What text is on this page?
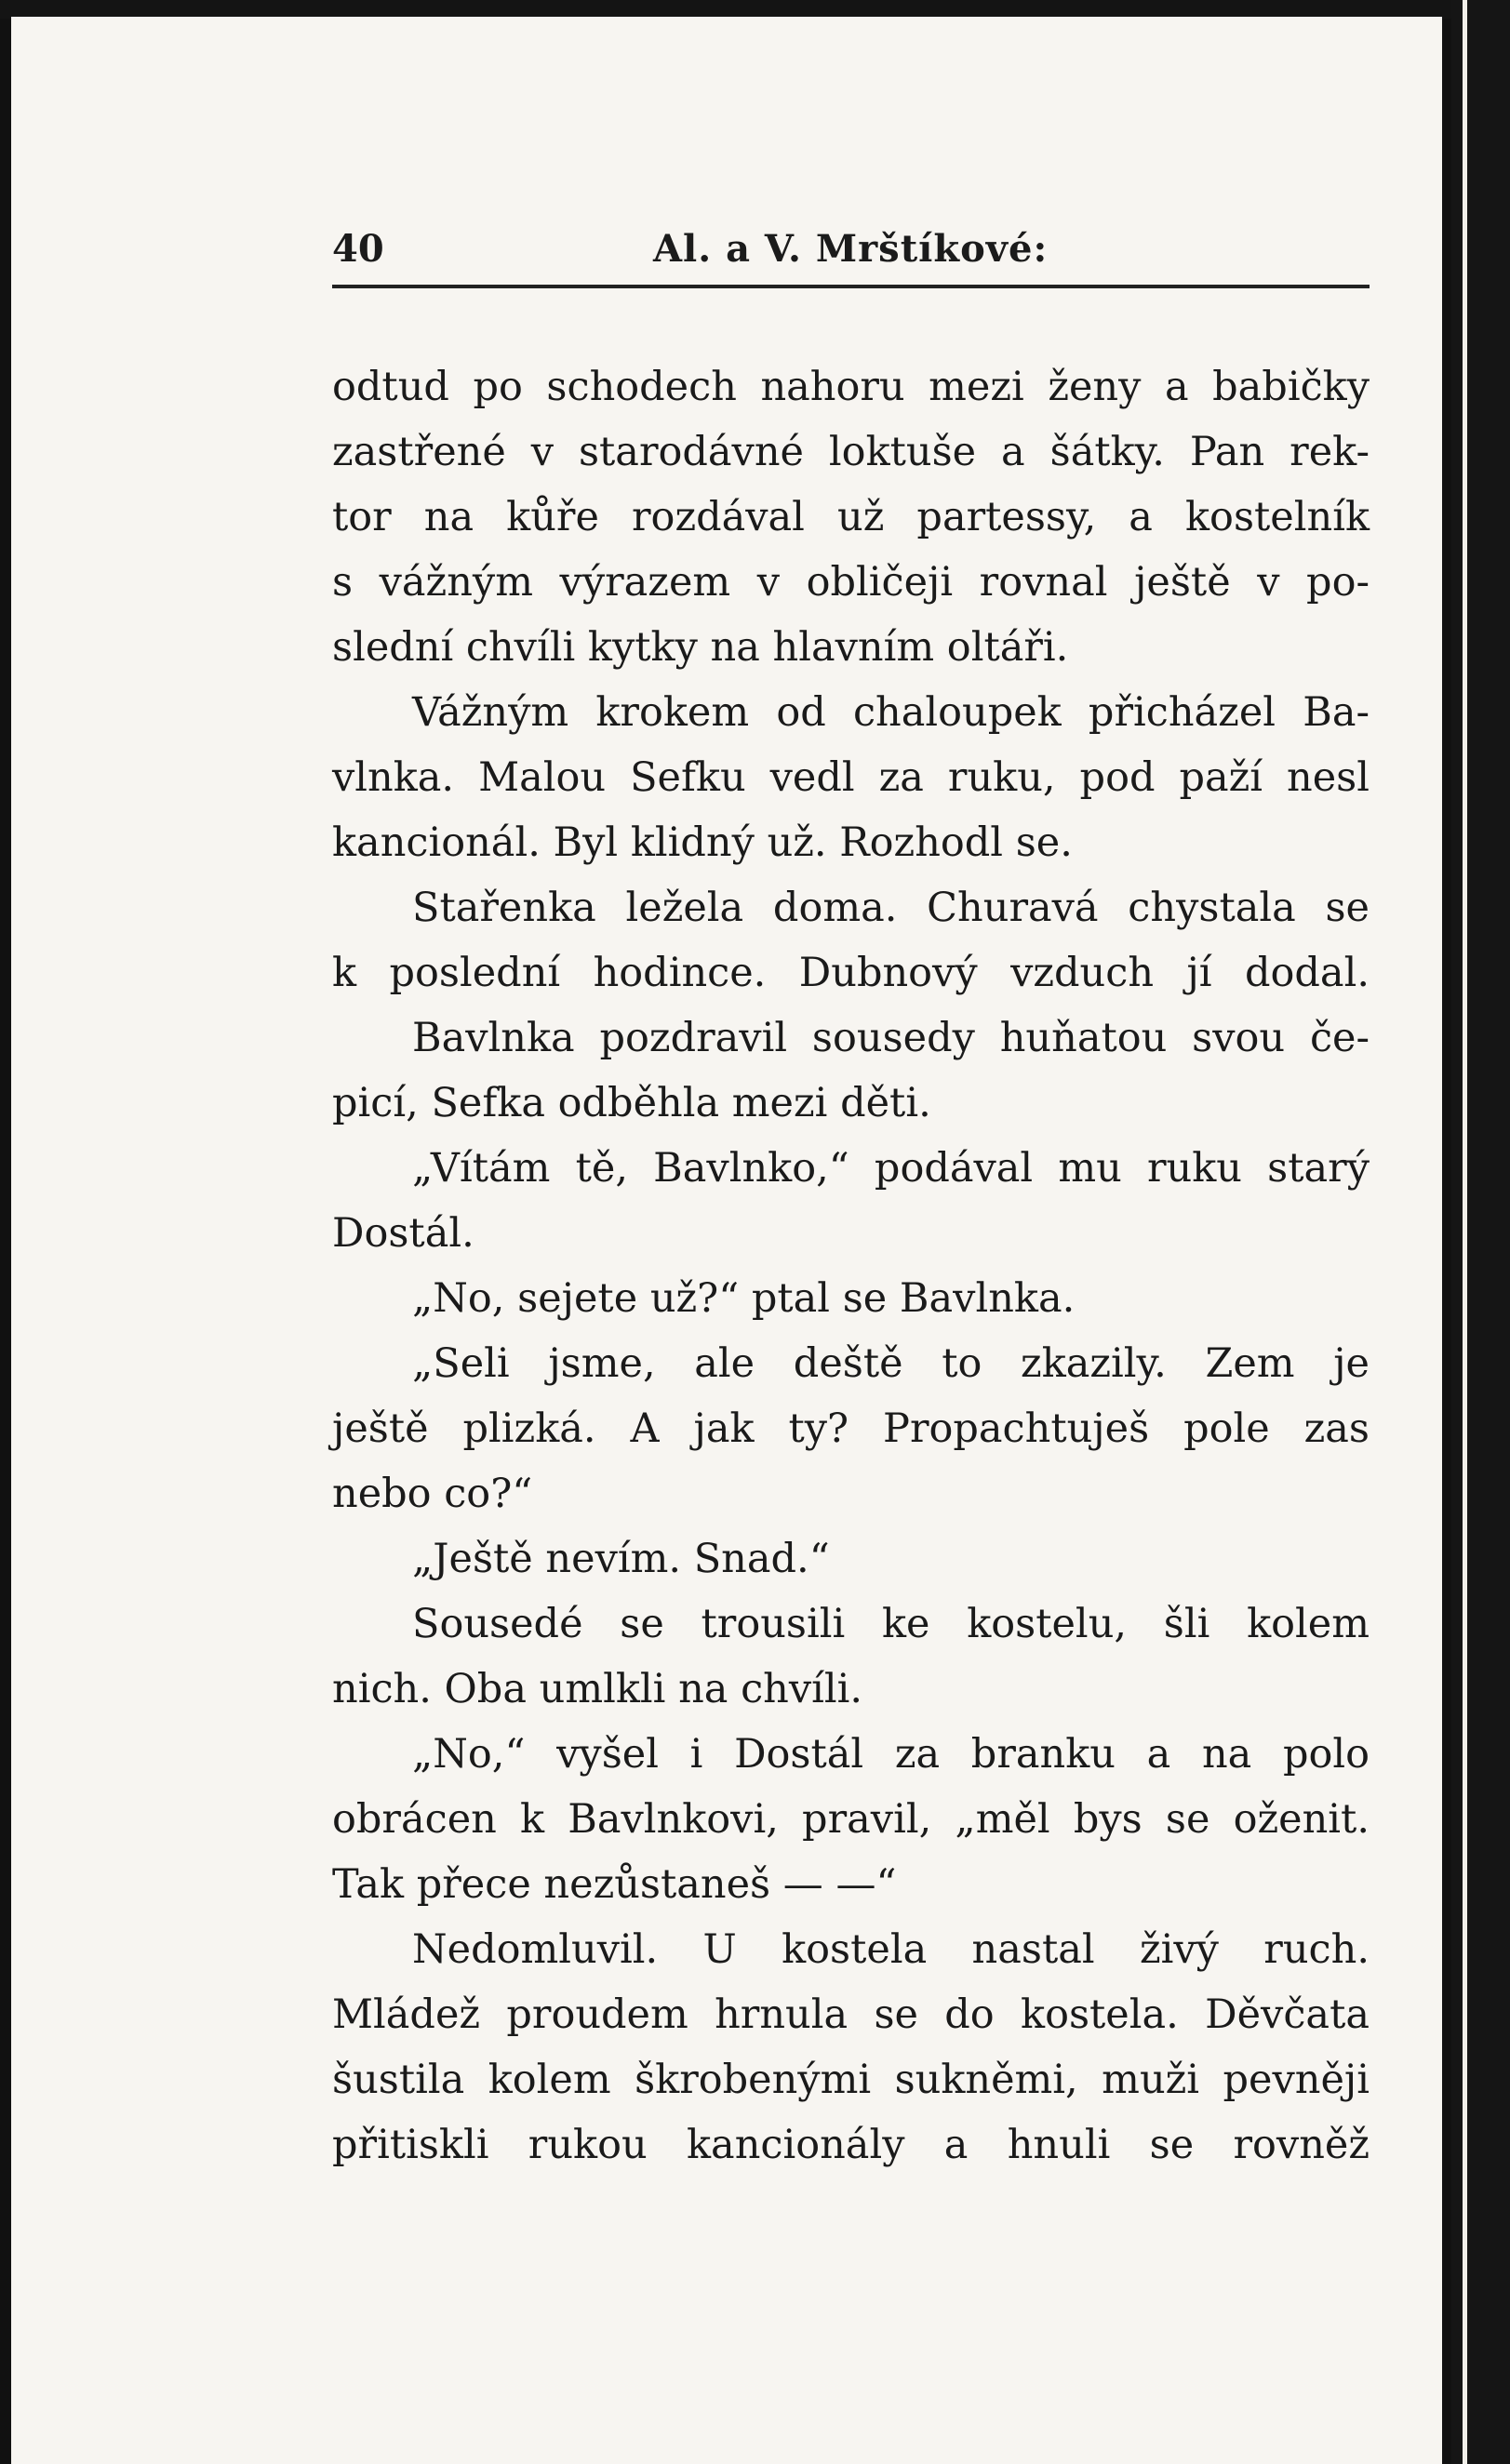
40	Al. a V. Mrštíkové:
odtud po schodech nahoru mezi ženy a babičky
zastřené v starodávné loktuše a šátky. Pan rek-
tor na kůře rozdával už partessy, a kostelník
s vážným výrazem v obličeji rovnal ještě v po-
slední chvíli kytky na hlavním oltáři.
Vážným krokem od chaloupek přicházel Ba-
vlnka. Malou Sefku vedl za ruku, pod paží nesl
kancionál. Byl klidný už. Rozhodl se.
Stařenka ležela doma. Churavá chystala se
k poslední hodince. Dubnový vzduch jí dodal.
Bavlnka pozdravil sousedy huňatou svou če-
picí, Sefka odběhla mezi děti.
„Vítám tě, Bavlnko,“ podával mu ruku starý
Dostál.
„No, sejete už?“ ptal se Bavlnka.
„Seli jsme, ale deště to zkazily. Zem je
ještě plizká. A jak ty? Propachtuješ pole zas
nebo co?“
„Ještě nevím. Snad.“
Sousedé se trousili ke kostelu, šli kolem
nich. Oba umlkli na chvíli.
„No,“ vyšel i Dostál za branku a na polo
obrácen k Bavlnkovi, pravil, „měl bys se oženit.
Tak přece nezůstaneš — —“
Nedomluvil. U kostela nastal živý ruch.
Mládež proudem hrnula se do kostela. Děvčata
šustila kolem škrobenými sukněmi, muži pevněji
přitiskli rukou kancionály a hnuli se rovněž
